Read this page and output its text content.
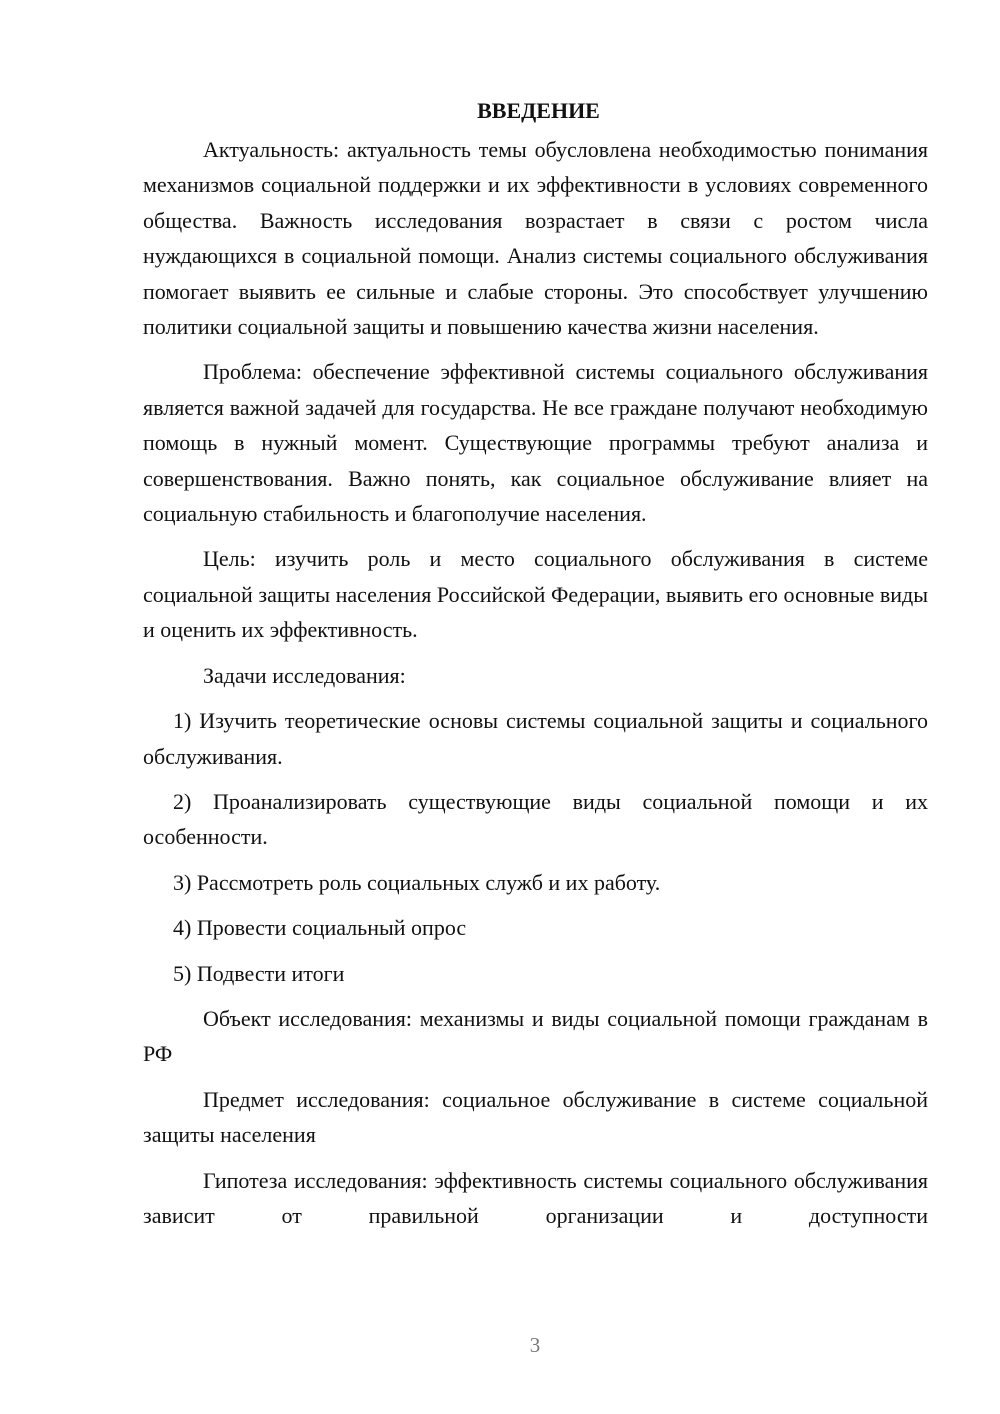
ВВЕДЕНИЕ

Актуальность: актуальность темы обусловлена необходимостью понимания механизмов социальной поддержки и их эффективности в условиях современного общества. Важность исследования возрастает в связи с ростом числа нуждающихся в социальной помощи. Анализ системы социального обслуживания помогает выявить ее сильные и слабые стороны. Это способствует улучшению политики социальной защиты и повышению качества жизни населения.

Проблема: обеспечение эффективной системы социального обслуживания является важной задачей для государства. Не все граждане получают необходимую помощь в нужный момент. Существующие программы требуют анализа и совершенствования. Важно понять, как социальное обслуживание влияет на социальную стабильность и благополучие населения.

Цель: изучить роль и место социального обслуживания в системе социальной защиты населения Российской Федерации, выявить его основные виды и оценить их эффективность.

Задачи исследования:

1) Изучить теоретические основы системы социальной защиты и социального обслуживания.

2) Проанализировать существующие виды социальной помощи и их особенности.

3) Рассмотреть роль социальных служб и их работу.

4) Провести социальный опрос

5) Подвести итоги

Объект исследования: механизмы и виды социальной помощи гражданам в РФ

Предмет исследования: социальное обслуживание в системе социальной защиты населения

Гипотеза исследования: эффективность системы социального обслуживания зависит от правильной организации и доступности

3
